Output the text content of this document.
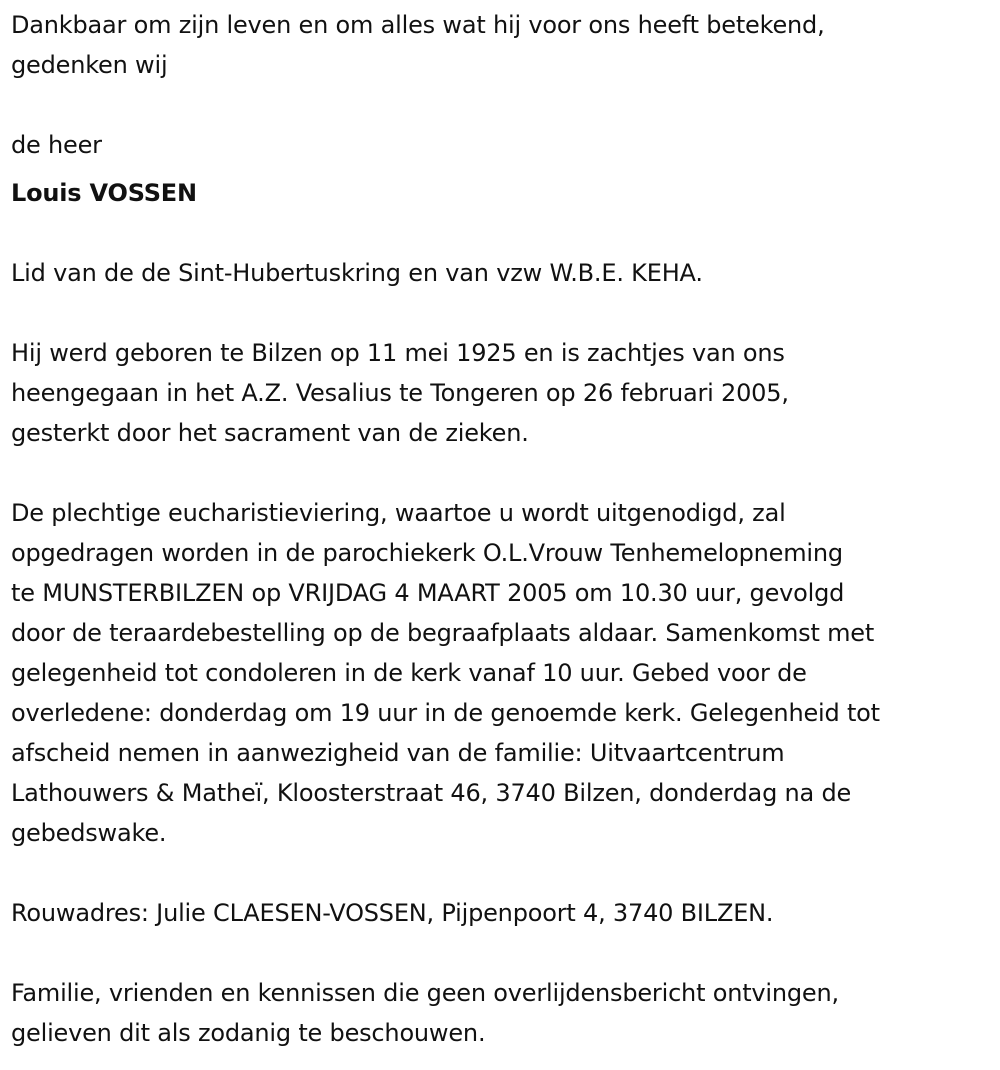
Dankbaar om zijn leven en om alles wat hij voor ons heeft betekend,
gedenken wij

de heer

Louis VOSSEN

Lid van de de Sint-Hubertuskring en van vzw W.B.E. KEHA.

Hij werd geboren te Bilzen op 11 mei 1925 en is zachtjes van ons
heengegaan in het A.Z. Vesalius te Tongeren op 26 februari 2005,
gesterkt door het sacrament van de zieken.

De plechtige eucharistieviering, waartoe u wordt uitgenodigd, zal
opgedragen worden in de parochiekerk O.L.Vrouw Tenhemelopneming
te MUNSTERBILZEN op VRIJDAG 4 MAART 2005 om 10.30 uur, gevolgd
door de teraardebestelling op de begraafplaats aldaar. Samenkomst met
gelegenheid tot condoleren in de kerk vanaf 10 uur. Gebed voor de
overledene: donderdag om 19 uur in de genoemde kerk. Gelegenheid tot
afscheid nemen in aanwezigheid van de familie: Uitvaartcentrum
Lathouwers & Matheï, Kloosterstraat 46, 3740 Bilzen, donderdag na de
gebedswake.

Rouwadres: Julie CLAESEN-VOSSEN, Pijpenpoort 4, 3740 BILZEN.

Familie, vrienden en kennissen die geen overlijdensbericht ontvingen,
gelieven dit als zodanig te beschouwen.
